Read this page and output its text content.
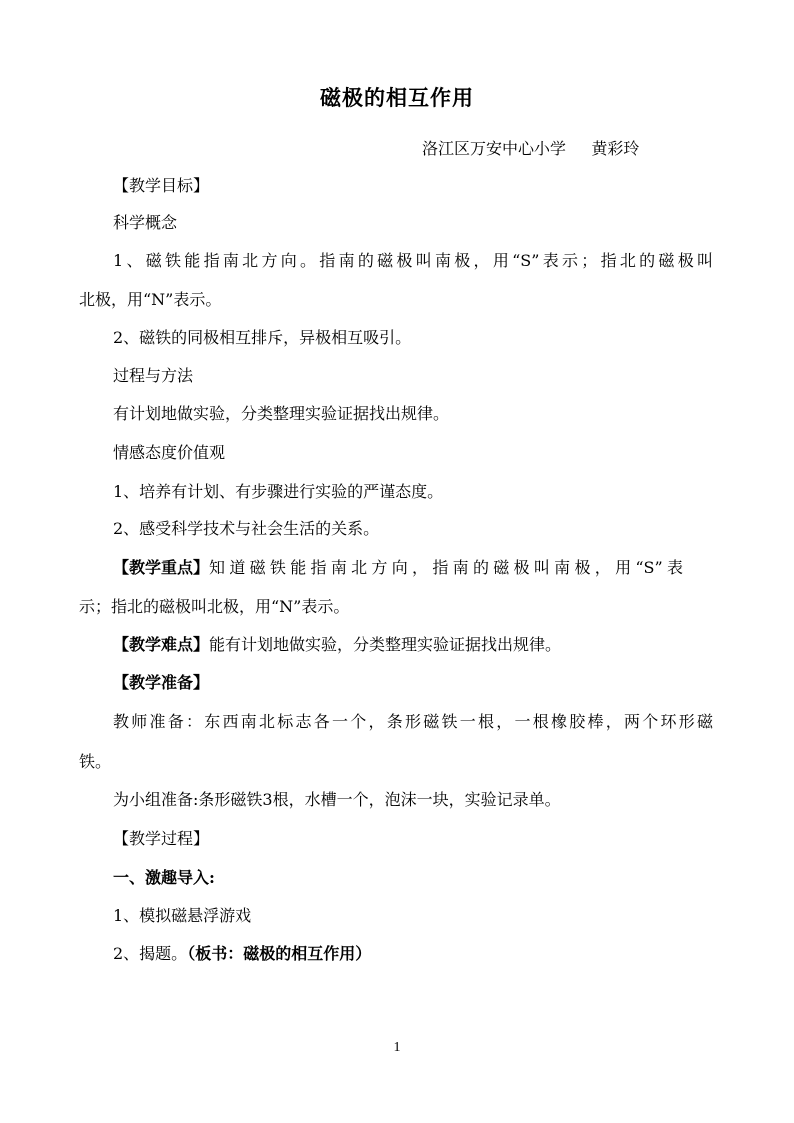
磁极的相互作用
洛江区万安中心小学     黄彩玲
【教学目标】
科学概念
1、磁铁能指南北方向。指南的磁极叫南极，用“S”表示；指北的磁极叫
北极，用“N”表示。
2、磁铁的同极相互排斥，异极相互吸引。
过程与方法
有计划地做实验，分类整理实验证据找出规律。
情感态度价值观
1、培养有计划、有步骤进行实验的严谨态度。
2、感受科学技术与社会生活的关系。
【教学重点】 知道磁铁能指南北方向，指南的磁极叫南极，用“S”表
示；指北的磁极叫北极，用“N”表示。
【教学难点】能有计划地做实验，分类整理实验证据找出规律。
【教学准备】
教师准备：东西南北标志各一个，条形磁铁一根，一根橡胶棒，两个环形磁
铁。
为小组准备:条形磁铁3根，水槽一个，泡沫一块，实验记录单。
【教学过程】
一、激趣导入:
1、模拟磁悬浮游戏
2、揭题。（板书：磁极的相互作用）
1
